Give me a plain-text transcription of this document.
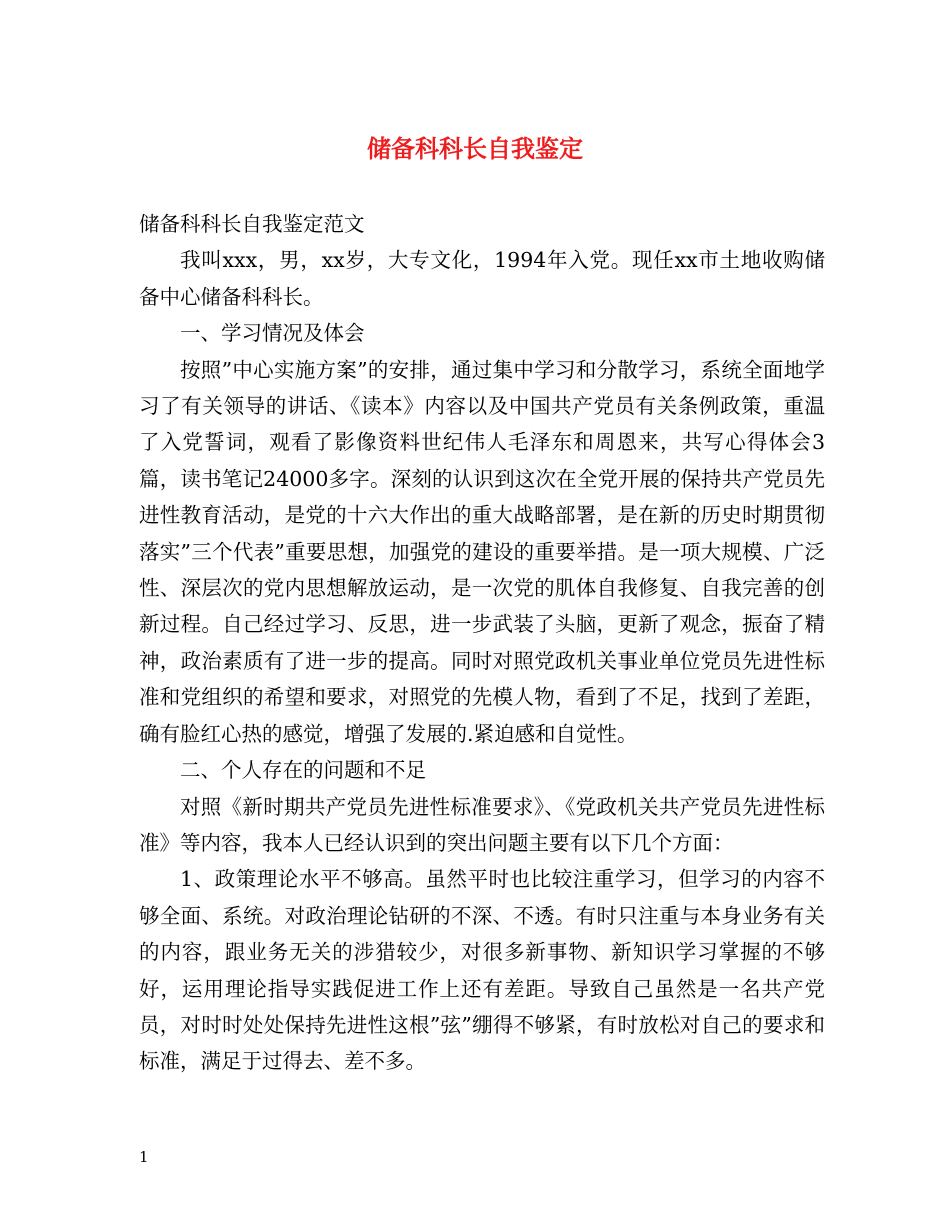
储备科科长自我鉴定

储备科科长自我鉴定范文

我叫xxx，男，xx岁，大专文化，1994年入党。现任xx市土地收购储备中心储备科科长。

一、学习情况及体会

按照”中心实施方案”的安排，通过集中学习和分散学习，系统全面地学习了有关领导的讲话、《读本》内容以及中国共产党员有关条例政策，重温了入党誓词，观看了影像资料世纪伟人毛泽东和周恩来，共写心得体会3篇，读书笔记24000多字。深刻的认识到这次在全党开展的保持共产党员先进性教育活动，是党的十六大作出的重大战略部署，是在新的历史时期贯彻落实”三个代表”重要思想，加强党的建设的重要举措。是一项大规模、广泛性、深层次的党内思想解放运动，是一次党的肌体自我修复、自我完善的创新过程。自己经过学习、反思，进一步武装了头脑，更新了观念，振奋了精神，政治素质有了进一步的提高。同时对照党政机关事业单位党员先进性标准和党组织的希望和要求，对照党的先模人物，看到了不足，找到了差距，确有脸红心热的感觉，增强了发展的.紧迫感和自觉性。

二、个人存在的问题和不足

对照《新时期共产党员先进性标准要求》、《党政机关共产党员先进性标准》等内容，我本人已经认识到的突出问题主要有以下几个方面：

1、政策理论水平不够高。虽然平时也比较注重学习，但学习的内容不够全面、系统。对政治理论钻研的不深、不透。有时只注重与本身业务有关的内容，跟业务无关的涉猎较少，对很多新事物、新知识学习掌握的不够好，运用理论指导实践促进工作上还有差距。导致自己虽然是一名共产党员，对时时处处保持先进性这根”弦”绷得不够紧，有时放松对自己的要求和标准，满足于过得去、差不多。

1
